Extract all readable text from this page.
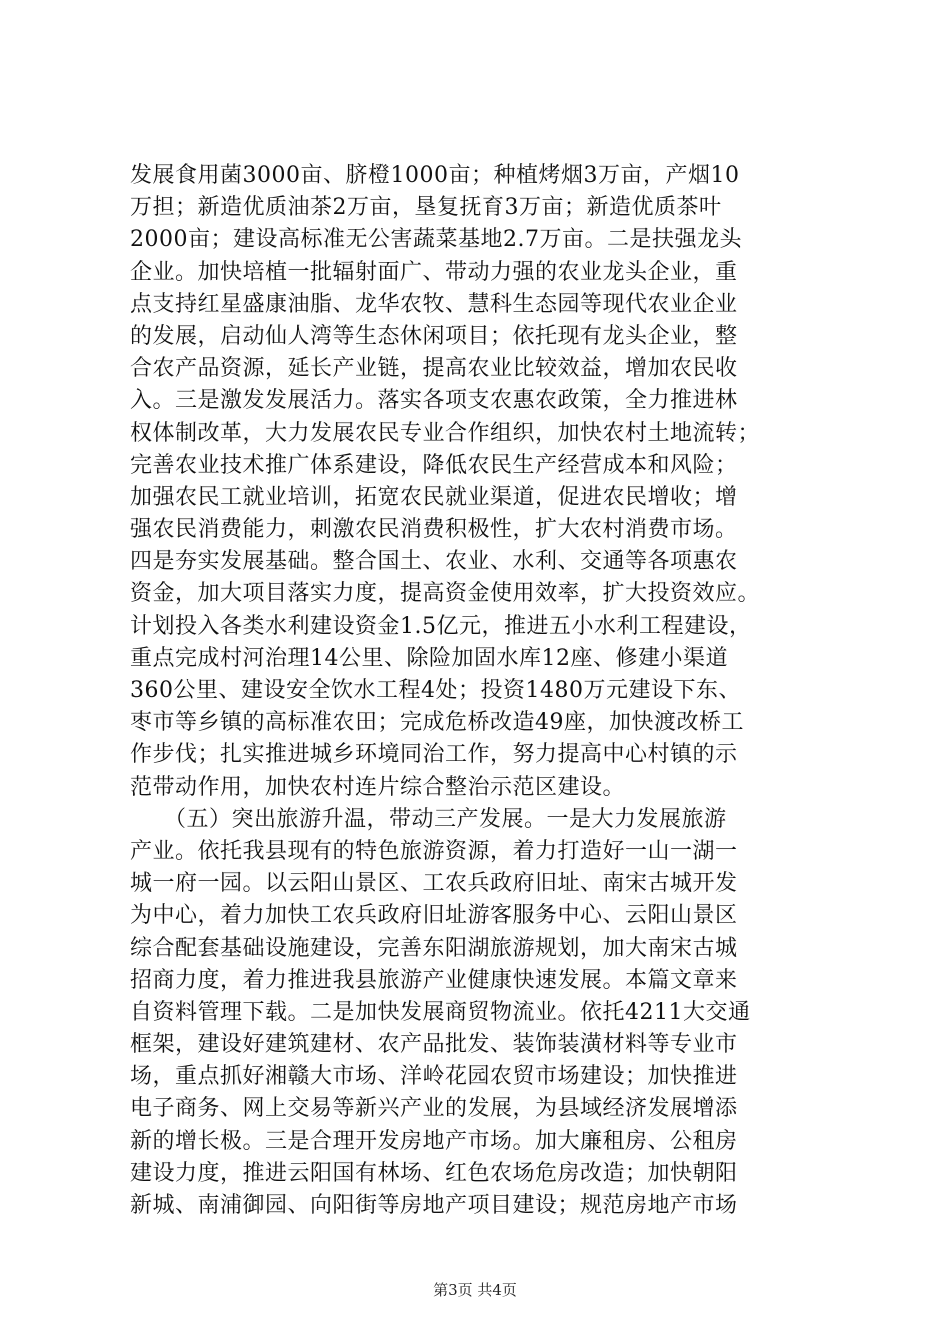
发展食用菌3000亩、脐橙1000亩；种植烤烟3万亩，产烟10
万担；新造优质油茶2万亩，垦复抚育3万亩；新造优质茶叶
2000亩；建设高标准无公害蔬菜基地2.7万亩。二是扶强龙头
企业。加快培植一批辐射面广、带动力强的农业龙头企业，重
点支持红星盛康油脂、龙华农牧、慧科生态园等现代农业企业
的发展，启动仙人湾等生态休闲项目；依托现有龙头企业，整
合农产品资源，延长产业链，提高农业比较效益，增加农民收
入。三是激发发展活力。落实各项支农惠农政策，全力推进林
权体制改革，大力发展农民专业合作组织，加快农村土地流转；
完善农业技术推广体系建设，降低农民生产经营成本和风险；
加强农民工就业培训，拓宽农民就业渠道，促进农民增收；增
强农民消费能力，刺激农民消费积极性，扩大农村消费市场。
四是夯实发展基础。整合国土、农业、水利、交通等各项惠农
资金，加大项目落实力度，提高资金使用效率，扩大投资效应。
计划投入各类水利建设资金1.5亿元，推进五小水利工程建设，
重点完成村河治理14公里、除险加固水库12座、修建小渠道
360公里、建设安全饮水工程4处；投资1480万元建设下东、
枣市等乡镇的高标准农田；完成危桥改造49座，加快渡改桥工
作步伐；扎实推进城乡环境同治工作，努力提高中心村镇的示
范带动作用，加快农村连片综合整治示范区建设。
　　（五）突出旅游升温，带动三产发展。一是大力发展旅游
产业。依托我县现有的特色旅游资源，着力打造好一山一湖一
城一府一园。以云阳山景区、工农兵政府旧址、南宋古城开发
为中心，着力加快工农兵政府旧址游客服务中心、云阳山景区
综合配套基础设施建设，完善东阳湖旅游规划，加大南宋古城
招商力度，着力推进我县旅游产业健康快速发展。本篇文章来
自资料管理下载。二是加快发展商贸物流业。依托4211大交通
框架，建设好建筑建材、农产品批发、装饰装潢材料等专业市
场，重点抓好湘赣大市场、洋岭花园农贸市场建设；加快推进
电子商务、网上交易等新兴产业的发展，为县域经济发展增添
新的增长极。三是合理开发房地产市场。加大廉租房、公租房
建设力度，推进云阳国有林场、红色农场危房改造；加快朝阳
新城、南浦御园、向阳街等房地产项目建设；规范房地产市场
第3页 共4页
